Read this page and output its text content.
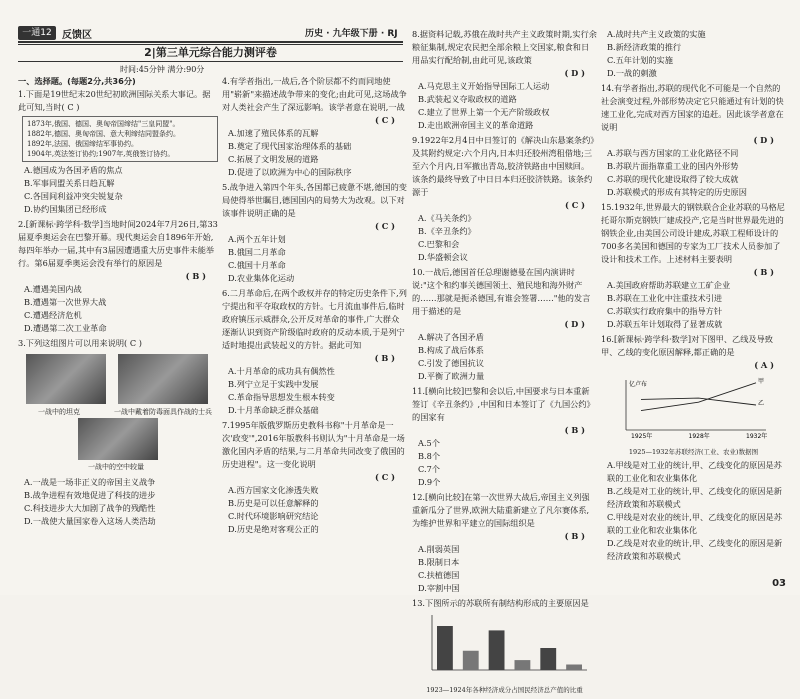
一通12	反馈区	历史 · 九年级下册 · RJ
2|第三单元综合能力测评卷
时间:45分钟 满分:90分
一、选择题。(每题2分,共36分)
1.下面是19世纪末20世纪初欧洲国际关系大事记。据此可知,当时( C )
1873年,俄国、德国、奥匈帝国缔结"三皇同盟"。
1882年,德国、奥匈帝国、意大利缔结同盟条约。
1892年,法国、俄国缔结军事协约。
1904年,英法签订协约;1907年,英俄签订协约。
A.德国成为各国矛盾的焦点
B.军事同盟关系日趋瓦解
C.各国间利益冲突尖锐复杂
D.协约国集团已经形成
2.[新课标·跨学科·数学]当地时间2024年7月26日,第33届夏季奥运会在巴黎开幕。现代奥运会自1896年开始,每四年举办一届,其中有3届因遭遇重大历史事件未能举行。第6届夏季奥运会没有举行的原因是
( B )
A.遭遇美国内战
B.遭遇第一次世界大战
C.遭遇经济危机
D.遭遇第二次工业革命
3.下列这组图片可以用来说明( C )
一战中的坦克	一战中戴着防毒面具作战的士兵
一战中的空中较量
A.一战是一场非正义的帝国主义战争
B.战争进程有效地促进了科技的进步
C.科技进步大大加剧了战争的残酷性
D.一战使大量国家卷入这场人类浩劫
4.有学者指出,一战后,各个阶层都不约而同地使用"崭新"来描述战争带来的变化;由此可见,这场战争对人类社会产生了深远影响。该学者意在说明,一战
( C )
A.加速了殖民体系的瓦解
B.奠定了现代国家治理体系的基础
C.拓展了文明发展的道路
D.促进了以欧洲为中心的国际秩序
5.战争进入第四个年头,各国都已疲惫不堪,德国的变局使得举世瞩目,德国国内的局势大为改观。以下对该事件说明正确的是
( C )
A.两个五年计划
B.俄国二月革命
C.俄国十月革命
D.农业集体化运动
6.二月革命后,在两个政权并存的特定历史条件下,列宁提出和平夺取政权的方针。七月流血事件后,临时政府镇压示威群众,公开反对革命的事件,广大群众逐渐认识到资产阶级临时政府的反动本质,于是列宁适时地提出武装起义的方针。据此可知
( B )
A.十月革命的成功具有偶然性
B.列宁立足于实践中发展
C.革命指导思想发生根本转变
D.十月革命缺乏群众基础
7.1995年版俄罗斯历史教科书称"十月革命是一次'政变'",2016年版教科书则认为"十月革命是一场激化国内矛盾的结果,与二月革命共同改变了俄国的历史进程"。这一变化说明
( C )
A.西方国家文化渗透失败
B.历史是可以任意解释的
C.时代环境影响研究结论
D.历史是绝对客观公正的
8.据资料记载,苏俄在战时共产主义政策时期,实行余粮征集制,规定农民把全部余粮上交国家,粮食和日用品实行配给制,由此可见,该政策
( D )
A.马克思主义开始指导国际工人运动
B.武装起义夺取政权的道路
C.建立了世界上第一个无产阶级政权
D.走出欧洲帝国主义的革命道路
9.1922年2月4日中日签订的《解决山东悬案条约》及其附约规定:六个月内,日本归还胶州湾租借地;三至六个月内,日军撤出青岛,胶济铁路由中国赎回。该条约最终导致了中日日本归还胶济铁路。该条约源于
( C )
A.《马关条约》
B.《辛丑条约》
C.巴黎和会
D.华盛顿会议
10.一战后,德国首任总理谢德曼在国内演讲时说:"这个和约事关德国领土、殖民地和海外财产的……那就是扼杀德国,有谁会签署……"他的发言用于描述的是
( D )
A.解决了各国矛盾
B.构成了战后体系
C.引发了德国抗议
D.平衡了欧洲力量
11.[横向比较]巴黎和会以后,中国要求与日本重新签订《辛丑条约》,中国和日本签订了《九国公约》的国家有
( B )
A.5个
B.8个
C.7个
D.9个
12.[横向比较]在第一次世界大战后,帝国主义列强重新瓜分了世界,欧洲大陆重新建立了凡尔赛体系,为维护世界和平建立的国际组织是
( B )
A.削弱英国
B.限制日本
C.扶植德国
D.宰割中国
13.下图所示的苏联所有制结构形成的主要原因是
1923—1924年各种经济成分占国民经济总产值的比重
A.战时共产主义政策的实施
B.新经济政策的推行
C.五年计划的实施
D.一战的刺激
14.有学者指出,苏联的现代化不可能是一个自然的社会演变过程,外部形势决定它只能通过有计划的快速工业化,完成对西方国家的追赶。因此该学者意在说明
( D )
A.苏联与西方国家的工业化路径不同
B.苏联片面指靠重工业的国内外形势
C.苏联的现代化建设取得了较大成就
D.苏联模式的形成有其特定的历史原因
15.1932年,世界最大的钢铁联合企业苏联的马格尼托哥尔斯克钢铁厂建成投产,它是当时世界最先进的钢铁企业,由美国公司设计建成,苏联工程师设计的700多名美国和德国的专家为工厂技术人员参加了设计和技术工作。上述材料主要表明
( B )
A.美国政府帮助苏联建立工矿企业
B.苏联在工业化中注重技术引进
C.苏联实行政府集中的指导方针
D.苏联五年计划取得了显著成就
16.[新课标·跨学科·数学]对下图甲、乙线及导致甲、乙线的变化原因解释,都正确的是
( A )
亿卢布
1925年	1928年	1932年
甲
乙
1925—1932年苏联经济(工业、农业)数据图
A.甲线是对工业的统计,甲、乙线变化的原因是苏联的工业化和农业集体化
B.乙线是对工业的统计,甲、乙线变化的原因是新经济政策和苏联模式
C.甲线是对农业的统计,甲、乙线变化的原因是苏联的工业化和农业集体化
D.乙线是对农业的统计,甲、乙线变化的原因是新经济政策和苏联模式
03
